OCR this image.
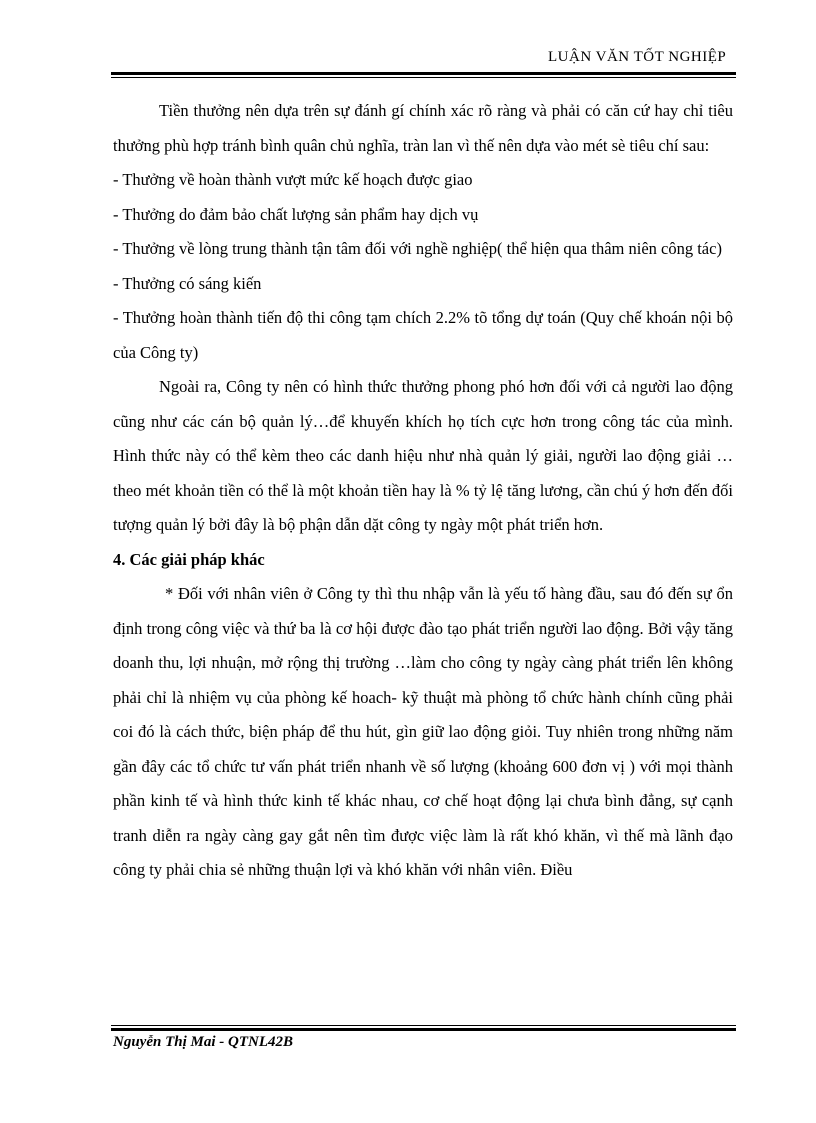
LUẬN VĂN TỐT NGHIỆP

Tiền thưởng nên dựa trên sự đánh gí chính xác rõ ràng và phải có căn cứ hay chỉ tiêu thưởng phù hợp tránh bình quân chủ nghĩa, tràn lan vì thế nên dựa vào mét sè tiêu chí sau:

- Thưởng về hoàn thành vượt mức kế hoạch được giao

- Thưởng do đảm bảo chất lượng sản phẩm hay dịch vụ

- Thưởng về lòng trung thành tận tâm đối với nghề nghiệp( thể hiện qua thâm niên công tác)

- Thưởng có sáng kiến

- Thưởng hoàn thành tiến độ thi công tạm chích 2.2% tõ tổng dự toán (Quy chế khoán nội bộ của Công ty)

Ngoài ra, Công ty nên có hình thức thưởng phong phó hơn đối với cả người lao động cũng như các cán bộ quản lý…để khuyến khích họ tích cực hơn trong công tác của mình. Hình thức này có thể kèm theo các danh hiệu như nhà quản lý giải, người lao động giải …theo mét khoản tiền có thể là một khoản tiền hay là % tỷ lệ tăng lương, cần chú ý hơn đến đối tượng quản lý bởi đây là bộ phận dẫn dặt công ty ngày một phát triển hơn.

4. Các giải pháp khác

* Đối với nhân viên ở Công ty thì thu nhập vẫn là yếu tố hàng đầu, sau đó đến sự ổn định trong công việc và thứ ba là cơ hội được đào tạo phát triển người lao động. Bởi vậy tăng doanh thu, lợi nhuận, mở rộng thị trường …làm cho công ty ngày càng phát triển lên không phải chỉ là nhiệm vụ của phòng kế hoach- kỹ thuật mà phòng tổ chức hành chính cũng phải coi đó là cách thức, biện pháp để thu hút, gìn giữ lao động giỏi. Tuy nhiên trong những năm gần đây các tổ chức tư vấn phát triển nhanh về số lượng (khoảng 600 đơn vị ) với mọi thành phần kinh tế và hình thức kinh tế khác nhau, cơ chế hoạt động lại chưa bình đẳng, sự cạnh tranh diễn ra ngày càng gay gắt nên tìm được việc làm là rất khó khăn, vì thế mà lãnh đạo công ty phải chia sẻ những thuận lợi và khó khăn với nhân viên. Điều

Nguyễn Thị Mai - QTNL42B
